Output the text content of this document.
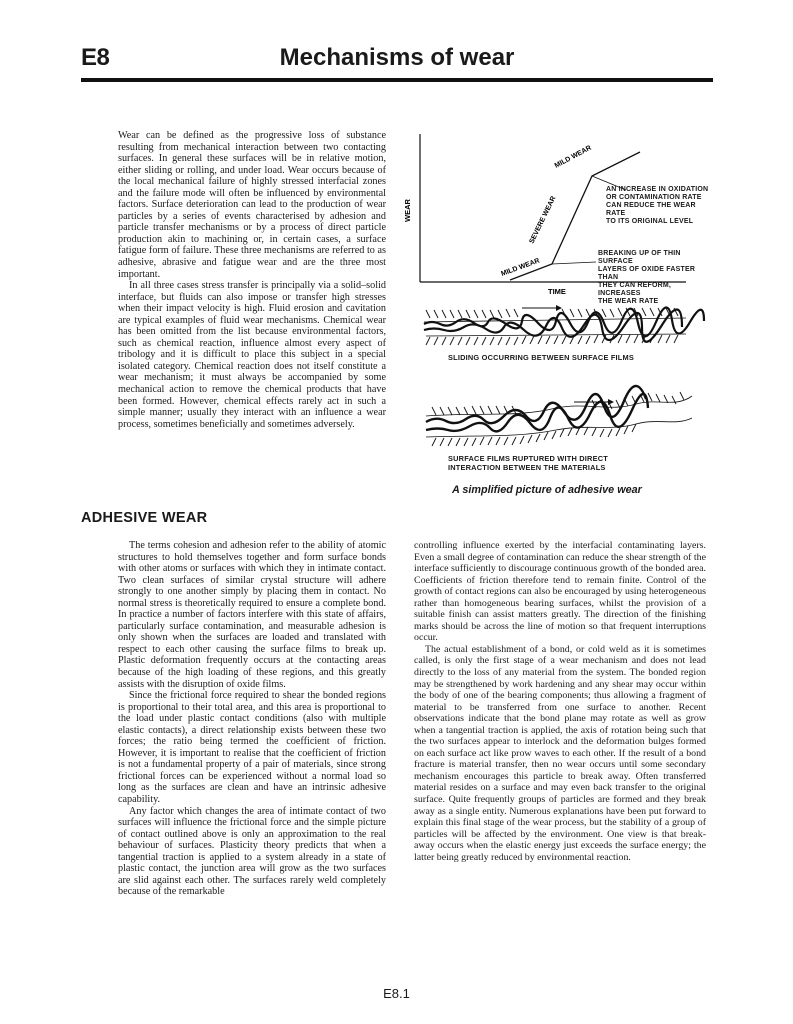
E8	Mechanisms of wear

Wear can be defined as the progressive loss of substance resulting from mechanical interaction between two contacting surfaces. In general these surfaces will be in relative motion, either sliding or rolling, and under load. Wear occurs because of the local mechanical failure of highly stressed interfacial zones and the failure mode will often be influenced by environmental factors. Surface deterioration can lead to the production of wear particles by a series of events characterised by adhesion and particle transfer mechanisms or by a process of direct particle production akin to machining or, in certain cases, a surface fatigue form of failure. These three mechanisms are referred to as adhesive, abrasive and fatigue wear and are the three most important.

In all three cases stress transfer is principally via a solid–solid interface, but fluids can also impose or transfer high stresses when their impact velocity is high. Fluid erosion and cavitation are typical examples of fluid wear mechanisms. Chemical wear has been omitted from the list because environmental factors, such as chemical reaction, influence almost every aspect of tribology and it is difficult to place this subject in a special isolated category. Chemical reaction does not itself constitute a wear mechanism; it must always be accompanied by some mechanical action to remove the chemical products that have been formed. However, chemical effects rarely act in such a simple manner; usually they interact with an influence a wear process, sometimes beneficially and sometimes adversely.

WEAR
TIME
MILD WEAR
SEVERE WEAR
MILD WEAR
AN INCREASE IN OXIDATION
OR CONTAMINATION RATE
CAN REDUCE THE WEAR RATE
TO ITS ORIGINAL LEVEL
BREAKING UP OF THIN SURFACE
LAYERS OF OXIDE FASTER THAN
THEY CAN REFORM, INCREASES
THE WEAR RATE
SLIDING OCCURRING BETWEEN SURFACE FILMS
SURFACE FILMS RUPTURED WITH DIRECT
INTERACTION BETWEEN THE MATERIALS
A simplified picture of adhesive wear
ADHESIVE WEAR

The terms cohesion and adhesion refer to the ability of atomic structures to hold themselves together and form surface bonds with other atoms or surfaces with which they in intimate contact. Two clean surfaces of similar crystal structure will adhere strongly to one another simply by placing them in contact. No normal stress is theoretically required to ensure a complete bond. In practice a number of factors interfere with this state of affairs, particularly surface contamination, and measurable adhesion is only shown when the surfaces are loaded and translated with respect to each other causing the surface films to break up. Plastic deformation frequently occurs at the contacting areas because of the high loading of these regions, and this greatly assists with the disruption of oxide films.

Since the frictional force required to shear the bonded regions is proportional to their total area, and this area is proportional to the load under plastic contact conditions (also with multiple elastic contacts), a direct relationship exists between these two forces; the ratio being termed the coefficient of friction. However, it is important to realise that the coefficient of friction is not a fundamental property of a pair of materials, since strong frictional forces can be experienced without a normal load so long as the surfaces are clean and have an intrinsic adhesive capability.

Any factor which changes the area of intimate contact of two surfaces will influence the frictional force and the simple picture of contact outlined above is only an approximation to the real behaviour of surfaces. Plasticity theory predicts that when a tangential traction is applied to a system already in a state of plastic contact, the junction area will grow as the two surfaces are slid against each other. The surfaces rarely weld completely because of the remarkable

controlling influence exerted by the interfacial contaminating layers. Even a small degree of contamination can reduce the shear strength of the interface sufficiently to discourage continuous growth of the bonded area. Coefficients of friction therefore tend to remain finite. Control of the growth of contact regions can also be encouraged by using heterogeneous rather than homogeneous bearing surfaces, whilst the provision of a suitable finish can assist matters greatly. The direction of the finishing marks should be across the line of motion so that frequent interruptions occur.

The actual establishment of a bond, or cold weld as it is sometimes called, is only the first stage of a wear mechanism and does not lead directly to the loss of any material from the system. The bonded region may be strengthened by work hardening and any shear may occur within the body of one of the bearing components; thus allowing a fragment of material to be transferred from one surface to another. Recent observations indicate that the bond plane may rotate as well as grow when a tangential traction is applied, the axis of rotation being such that the two surfaces appear to interlock and the deformation bulges formed on each surface act like prow waves to each other. If the result of a bond fracture is material transfer, then no wear occurs until some secondary mechanism encourages this particle to break away. Often transferred material resides on a surface and may even back transfer to the original surface. Quite frequently groups of particles are formed and they break away as a single entity. Numerous explanations have been put forward to explain this final stage of the wear process, but the stability of a group of particles will be affected by the environment. One view is that break-away occurs when the elastic energy just exceeds the surface energy; the latter being greatly reduced by environmental reaction.

E8.1
